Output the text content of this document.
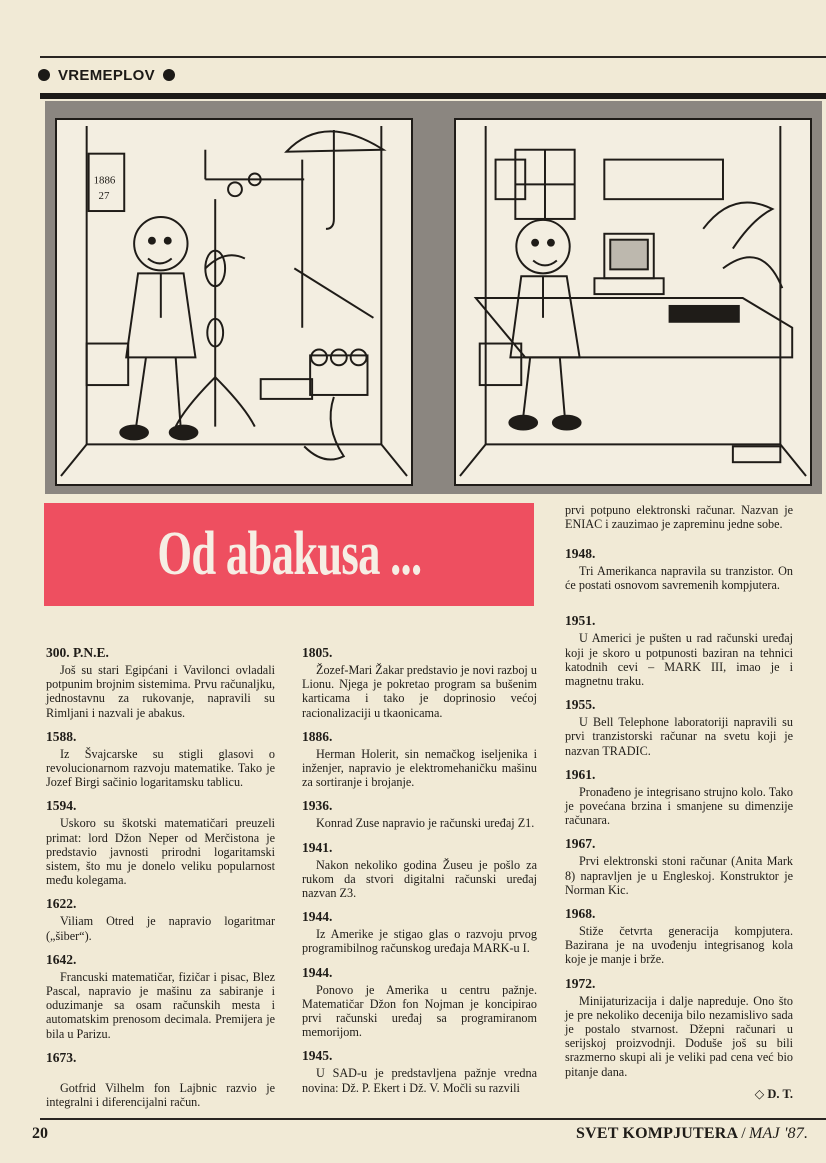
VREMEPLOV
1886
27
Od abakusa ...
prvi potpuno elektronski računar. Nazvan je ENIAC i zauzimao je zapreminu jedne sobe.
300. P.N.E.
Još su stari Egipćani i Vavilonci ovladali potpunim brojnim sistemima. Prvu računaljku, jednostavnu za rukovanje, napravili su Rimljani i nazvali je abakus.
1588.
Iz Švajcarske su stigli glasovi o revolucionarnom razvoju matematike. Tako je Jozef Birgi sačinio logaritamsku tablicu.
1594.
Uskoro su škotski matematičari preuzeli primat: lord Džon Neper od Merčistona je predstavio javnosti prirodni logaritamski sistem, što mu je donelo veliku popularnost među kolegama.
1622.
Viliam Otred je napravio logaritmar („šiber“).
1642.
Francuski matematičar, fizičar i pisac, Blez Pascal, napravio je mašinu za sabiranje i oduzimanje sa osam računskih mesta i automatskim prenosom decimala. Premijera je bila u Parizu.
1673.
Gotfrid Vilhelm fon Lajbnic razvio je integralni i diferencijalni račun.
1805.
Žozef-Mari Žakar predstavio je novi razboj u Lionu. Njega je pokretao program sa bušenim karticama i tako je doprinosio većoj racionalizaciji u tkaonicama.
1886.
Herman Holerit, sin nemačkog iseljenika i inženjer, napravio je elektromehaničku mašinu za sortiranje i brojanje.
1936.
Konrad Zuse napravio je računski uređaj Z1.
1941.
Nakon nekoliko godina Žuseu je pošlo za rukom da stvori digitalni računski uređaj nazvan Z3.
1944.
Iz Amerike je stigao glas o razvoju prvog programibilnog računskog uređaja MARK-u I.
1944.
Ponovo je Amerika u centru pažnje. Matematičar Džon fon Nojman je koncipirao prvi računski uređaj sa programiranom memorijom.
1945.
U SAD-u je predstavljena pažnje vredna novina: Dž. P. Ekert i Dž. V. Močli su razvili
1948.
Tri Amerikanca napravila su tranzistor. On će postati osnovom savremenih kompjutera.
1951.
U Americi je pušten u rad računski uređaj koji je skoro u potpunosti baziran na tehnici katodnih cevi – MARK III, imao je i magnetnu traku.
1955.
U Bell Telephone laboratoriji napravili su prvi tranzistorski računar na svetu koji je nazvan TRADIC.
1961.
Pronađeno je integrisano strujno kolo. Tako je povećana brzina i smanjene su dimenzije računara.
1967.
Prvi elektronski stoni računar (Anita Mark 8) napravljen je u Engleskoj. Konstruktor je Norman Kic.
1968.
Stiže četvrta generacija kompjutera. Bazirana je na uvođenju integrisanog kola koje je manje i brže.
1972.
Minijaturizacija i dalje napreduje. Ono što je pre nekoliko decenija bilo nezamislivo sada je postalo stvarnost. Džepni računari u serijskoj proizvodnji. Doduše još su bili srazmerno skupi ali je veliki pad cena već bio pitanje dana.
◇ D. T.
20	SVET KOMPJUTERA / MAJ '87.
